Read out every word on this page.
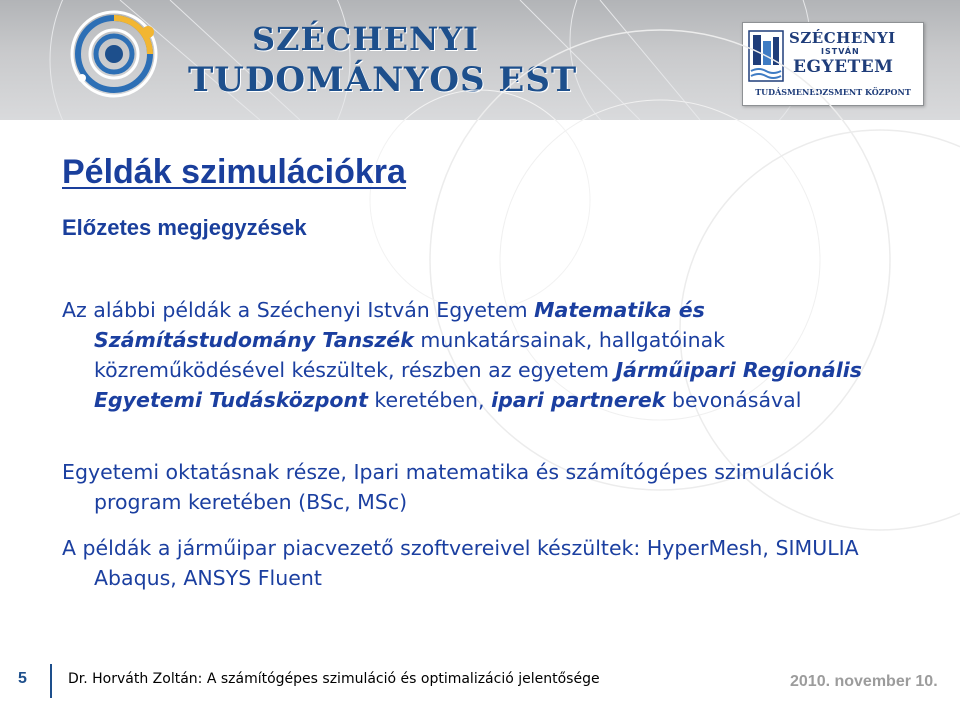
SZÉCHENYI
TUDOMÁNYOS EST
SZÉCHENYI
ISTVÁN
EGYETEM
TUDÁSMENEDZSMENT KÖZPONT
Példák szimulációkra
Előzetes megjegyzések

Az alábbi példák a Széchenyi István Egyetem Matematika és Számítástudomány Tanszék munkatársainak, hallgatóinak közreműködésével készültek, részben az egyetem Járműipari Regionális Egyetemi Tudásközpont keretében, ipari partnerek bevonásával

Egyetemi oktatásnak része, Ipari matematika és számítógépes szimulációk program keretében (BSc, MSc)

A példák a járműipar piacvezető szoftvereivel készültek: HyperMesh, SIMULIA Abaqus, ANSYS Fluent

5	Dr. Horváth Zoltán: A számítógépes szimuláció és optimalizáció jelentősége	2010. november 10.
